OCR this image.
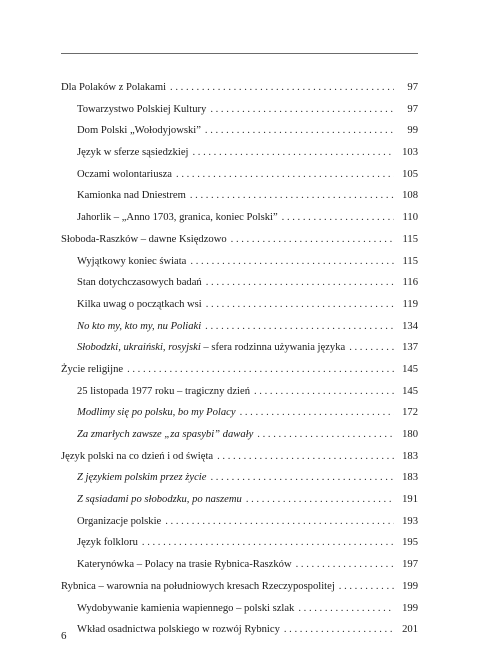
Dla Polaków z Polakami . . .	97
Towarzystwo Polskiej Kultury . . .	97
Dom Polski „Wołodyjowski” . . .	99
Język w sferze sąsiedzkiej . . .	103
Oczami wolontariusza . . .	105
Kamionka nad Dniestrem . . .	108
Jahorlik – „Anno 1703, granica, koniec Polski” . . .	110
Słoboda-Raszków – dawne Księdzowo . . .	115
Wyjątkowy koniec świata . . .	115
Stan dotychczasowych badań . . .	116
Kilka uwag o początkach wsi . . .	119
No kto my, kto my, nu Poliaki . . .	134
Słobodzki, ukraiński, rosyjski – sfera rodzinna używania języka . . .	137
Życie religijne . . .	145
25 listopada 1977 roku – tragiczny dzień . . .	145
Modlimy się po polsku, bo my Polacy . . .	172
Za zmarłych zawsze „za spasybi” dawały . . .	180
Język polski na co dzień i od święta . . .	183
Z językiem polskim przez życie . . .	183
Z sąsiadami po słobodzku, po naszemu . . .	191
Organizacje polskie . . .	193
Język folkloru . . .	195
Katerynówka – Polacy na trasie Rybnica-Raszków . . .	197
Rybnica – warownia na południowych kresach Rzeczypospolitej . . .	199
Wydobywanie kamienia wapiennego – polski szlak . . .	199
Wkład osadnictwa polskiego w rozwój Rybnicy . . .	201
6
